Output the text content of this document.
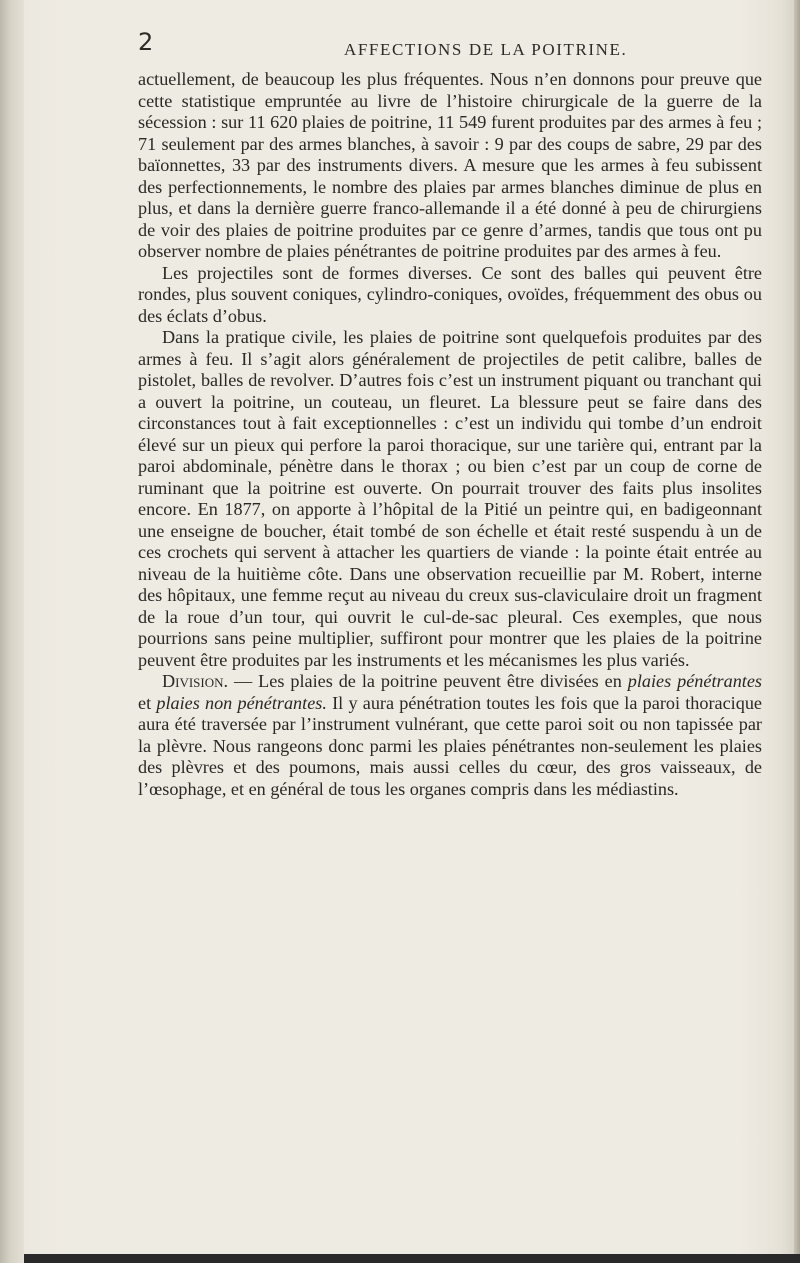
2	AFFECTIONS DE LA POITRINE.

actuellement, de beaucoup les plus fréquentes. Nous n’en donnons pour preuve que cette statistique empruntée au livre de l’histoire chirurgicale de la guerre de la sécession : sur 11 620 plaies de poitrine, 11 549 furent produites par des armes à feu ; 71 seulement par des armes blanches, à savoir : 9 par des coups de sabre, 29 par des baïonnettes, 33 par des instruments divers. A mesure que les armes à feu subissent des perfectionnements, le nombre des plaies par armes blanches diminue de plus en plus, et dans la dernière guerre franco-allemande il a été donné à peu de chirurgiens de voir des plaies de poitrine produites par ce genre d’armes, tandis que tous ont pu observer nombre de plaies pénétrantes de poitrine produites par des armes à feu.

Les projectiles sont de formes diverses. Ce sont des balles qui peuvent être rondes, plus souvent coniques, cylindro-coniques, ovoïdes, fréquemment des obus ou des éclats d’obus.

Dans la pratique civile, les plaies de poitrine sont quelquefois produites par des armes à feu. Il s’agit alors généralement de projectiles de petit calibre, balles de pistolet, balles de revolver. D’autres fois c’est un instrument piquant ou tranchant qui a ouvert la poitrine, un couteau, un fleuret. La blessure peut se faire dans des circonstances tout à fait exceptionnelles : c’est un individu qui tombe d’un endroit élevé sur un pieux qui perfore la paroi thoracique, sur une tarière qui, entrant par la paroi abdominale, pénètre dans le thorax ; ou bien c’est par un coup de corne de ruminant que la poitrine est ouverte. On pourrait trouver des faits plus insolites encore. En 1877, on apporte à l’hôpital de la Pitié un peintre qui, en badigeonnant une enseigne de boucher, était tombé de son échelle et était resté suspendu à un de ces crochets qui servent à attacher les quartiers de viande : la pointe était entrée au niveau de la huitième côte. Dans une observation recueillie par M. Robert, interne des hôpitaux, une femme reçut au niveau du creux sus-claviculaire droit un fragment de la roue d’un tour, qui ouvrit le cul-de-sac pleural. Ces exemples, que nous pourrions sans peine multiplier, suffiront pour montrer que les plaies de la poitrine peuvent être produites par les instruments et les mécanismes les plus variés.

Division. — Les plaies de la poitrine peuvent être divisées en plaies pénétrantes et plaies non pénétrantes. Il y aura pénétration toutes les fois que la paroi thoracique aura été traversée par l’instrument vulnérant, que cette paroi soit ou non tapissée par la plèvre. Nous rangeons donc parmi les plaies pénétrantes non-seulement les plaies des plèvres et des poumons, mais aussi celles du cœur, des gros vaisseaux, de l’œsophage, et en général de tous les organes compris dans les médiastins.
